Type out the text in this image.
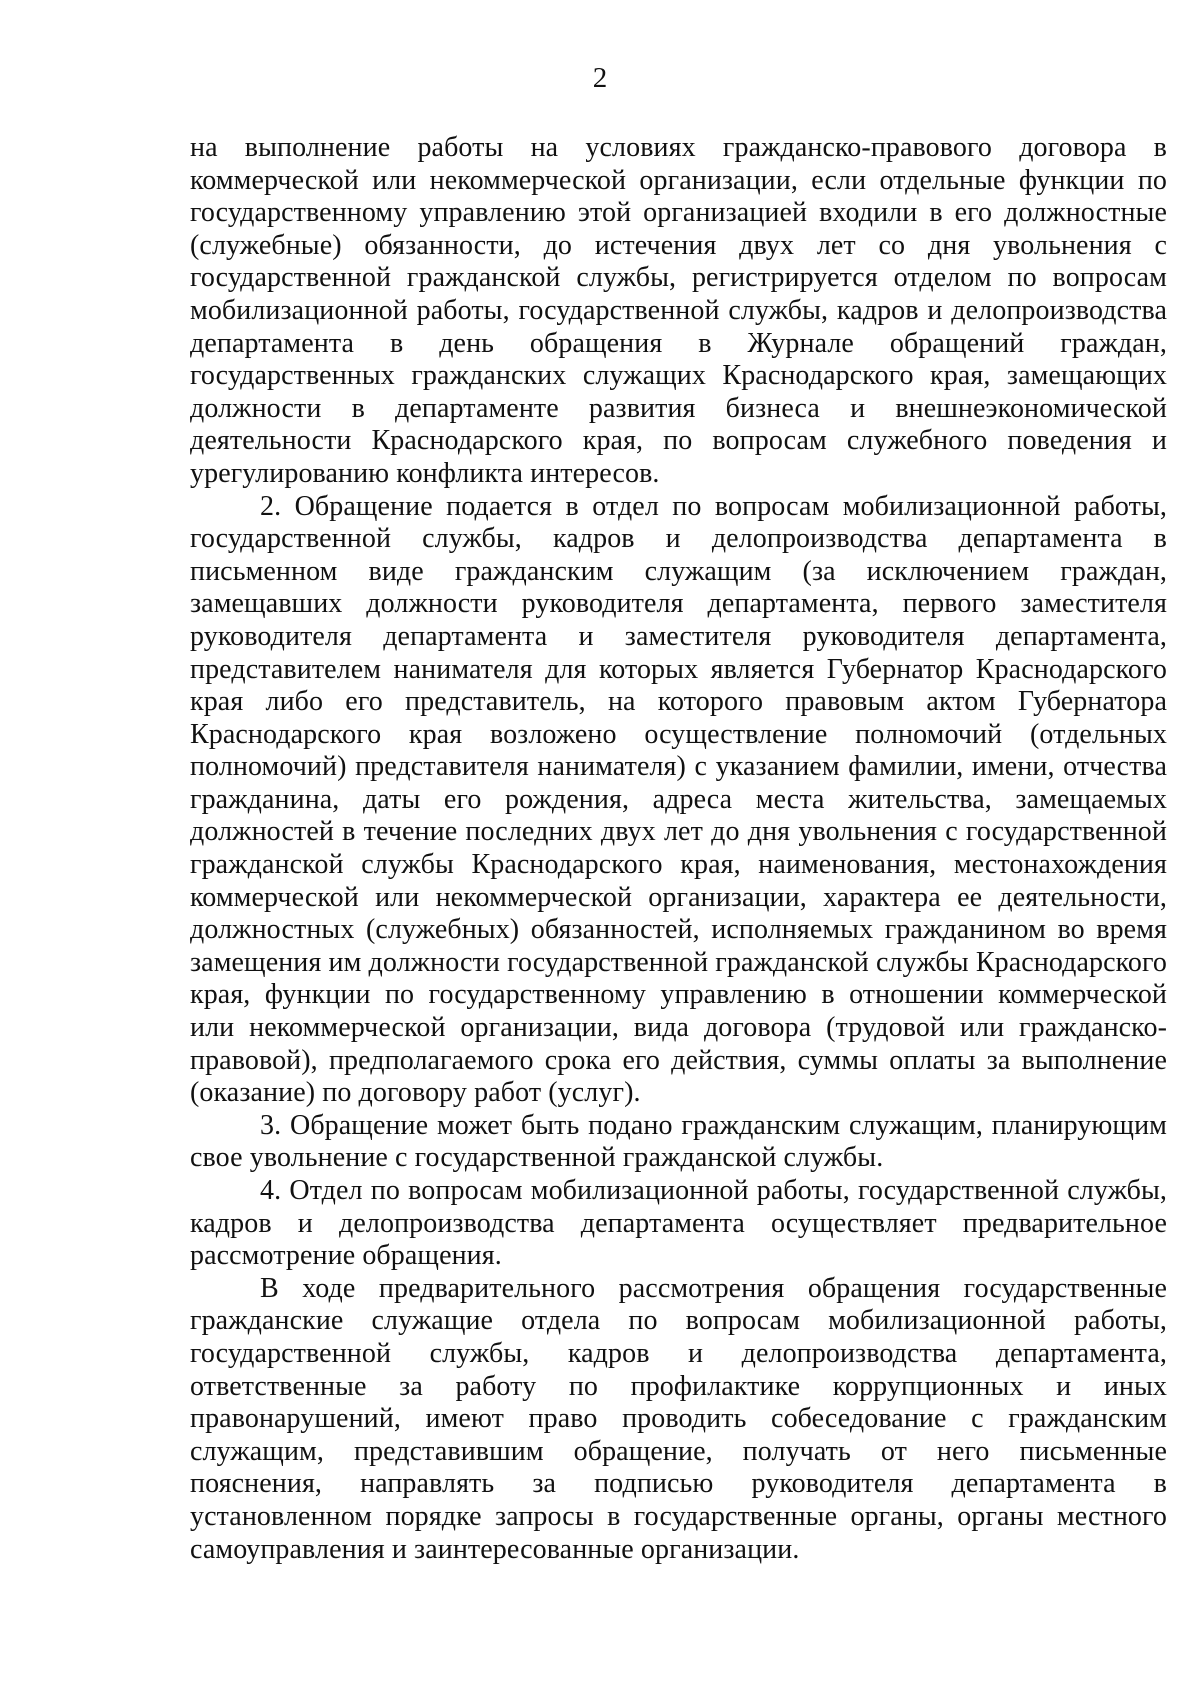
2

на выполнение работы на условиях гражданско-правового договора в коммерческой или некоммерческой организации, если отдельные функции по государственному управлению этой организацией входили в его должностные (служебные) обязанности, до истечения двух лет со дня увольнения с государственной гражданской службы, регистрируется отделом по вопросам мобилизационной работы, государственной службы, кадров и делопроизводства департамента в день обращения в Журнале обращений граждан, государственных гражданских служащих Краснодарского края, замещающих должности в департаменте развития бизнеса и внешнеэкономической деятельности Краснодарского края, по вопросам служебного поведения и урегулированию конфликта интересов.

2. Обращение подается в отдел по вопросам мобилизационной работы, государственной службы, кадров и делопроизводства департамента в письменном виде гражданским служащим (за исключением граждан, замещавших должности руководителя департамента, первого заместителя руководителя департамента и заместителя руководителя департамента, представителем нанимателя для которых является Губернатор Краснодарского края либо его представитель, на которого правовым актом Губернатора Краснодарского края возложено осуществление полномочий (отдельных полномочий) представителя нанимателя) с указанием фамилии, имени, отчества гражданина, даты его рождения, адреса места жительства, замещаемых должностей в течение последних двух лет до дня увольнения с государственной гражданской службы Краснодарского края, наименования, местонахождения коммерческой или некоммерческой организации, характера ее деятельности, должностных (служебных) обязанностей, исполняемых гражданином во время замещения им должности государственной гражданской службы Краснодарского края, функции по государственному управлению в отношении коммерческой или некоммерческой организации, вида договора (трудовой или гражданско-правовой), предполагаемого срока его действия, суммы оплаты за выполнение (оказание) по договору работ (услуг).

3. Обращение может быть подано гражданским служащим, планирующим свое увольнение с государственной гражданской службы.

4. Отдел по вопросам мобилизационной работы, государственной службы, кадров и делопроизводства департамента осуществляет предварительное рассмотрение обращения.

В ходе предварительного рассмотрения обращения государственные гражданские служащие отдела по вопросам мобилизационной работы, государственной службы, кадров и делопроизводства департамента, ответственные за работу по профилактике коррупционных и иных правонарушений, имеют право проводить собеседование с гражданским служащим, представившим обращение, получать от него письменные пояснения, направлять за подписью руководителя департамента в установленном порядке запросы в государственные органы, органы местного самоуправления и заинтересованные организации.
